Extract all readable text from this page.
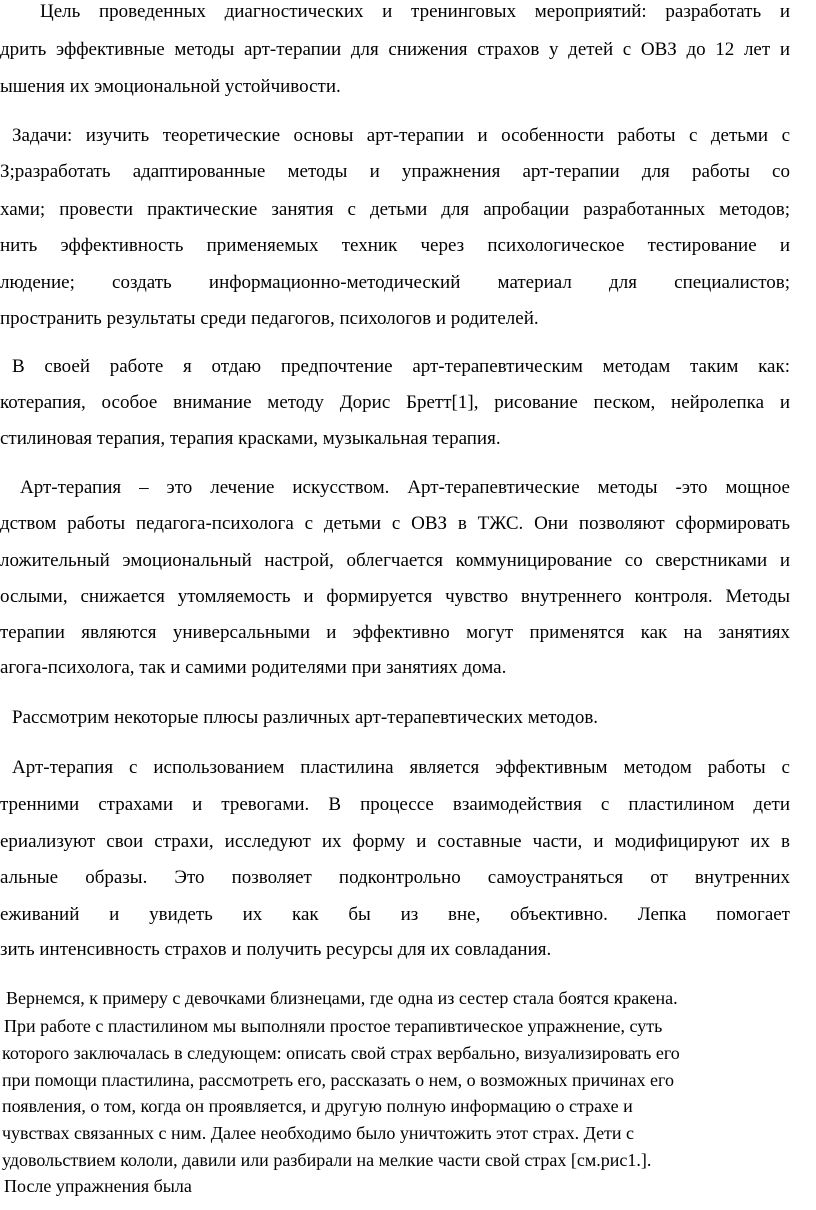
Цель проведенных диагностических и тренинговых мероприятий: разработать и
дрить эффективные методы арт-терапии для снижения страхов у детей с ОВЗ до 12 лет и
ышения их эмоциональной устойчивости.
Задачи: изучить теоретические основы арт-терапии и особенности работы с детьми с
З;разработать адаптированные методы и упражнения арт-терапии для работы со
хами; провести практические занятия с детьми для апробации разработанных методов;
нить эффективность применяемых техник через психологическое тестирование и
людение; создать информационно-методический материал для специалистов;
пространить результаты среди педагогов, психологов и родителей.
В своей работе я отдаю предпочтение арт-терапевтическим методам таким как:
котерапия, особое внимание методу Дорис Бретт[1], рисование песком, нейролепка и
стилиновая терапия, терапия красками, музыкальная терапия.
Арт-терапия – это лечение искусством. Арт-терапевтические методы -это мощное
дством работы педагога-психолога с детьми с ОВЗ в ТЖС. Они позволяют сформировать
ложительный эмоциональный настрой, облегчается коммуницирование со сверстниками и
ослыми, снижается утомляемость и формируется чувство внутреннего контроля. Методы
терапии являются универсальными и эффективно могут применятся как на занятиях
агога-психолога, так и самими родителями при занятиях дома.
Рассмотрим некоторые плюсы различных арт-терапевтических методов.
Арт-терапия с использованием пластилина является эффективным методом работы с
тренними страхами и тревогами. В процессе взаимодействия с пластилином дети
ериализуют свои страхи, исследуют их форму и составные части, и модифицируют их в
альные образы. Это позволяет подконтрольно самоустраняться от внутренних
еживаний и увидеть их как бы из вне, объективно. Лепка помогает
зить интенсивность страхов и получить ресурсы для их совладания.
Вернемся, к примеру с девочками близнецами, где одна из сестер стала боятся кракена.
При работе с пластилином мы выполняли простое терапивтическое упражнение, суть
которого заключалась в следующем: описать свой страх вербально, визуализировать его
при помощи пластилина, рассмотреть его, рассказать о нем, о возможных причинах его
появления, о том, когда он проявляется, и другую полную информацию о страхе и
чувствах связанных с ним. Далее необходимо было уничтожить этот страх. Дети с
удовольствием кололи, давили или разбирали на мелкие части свой страх [см.рис1.].
После упражнения была
